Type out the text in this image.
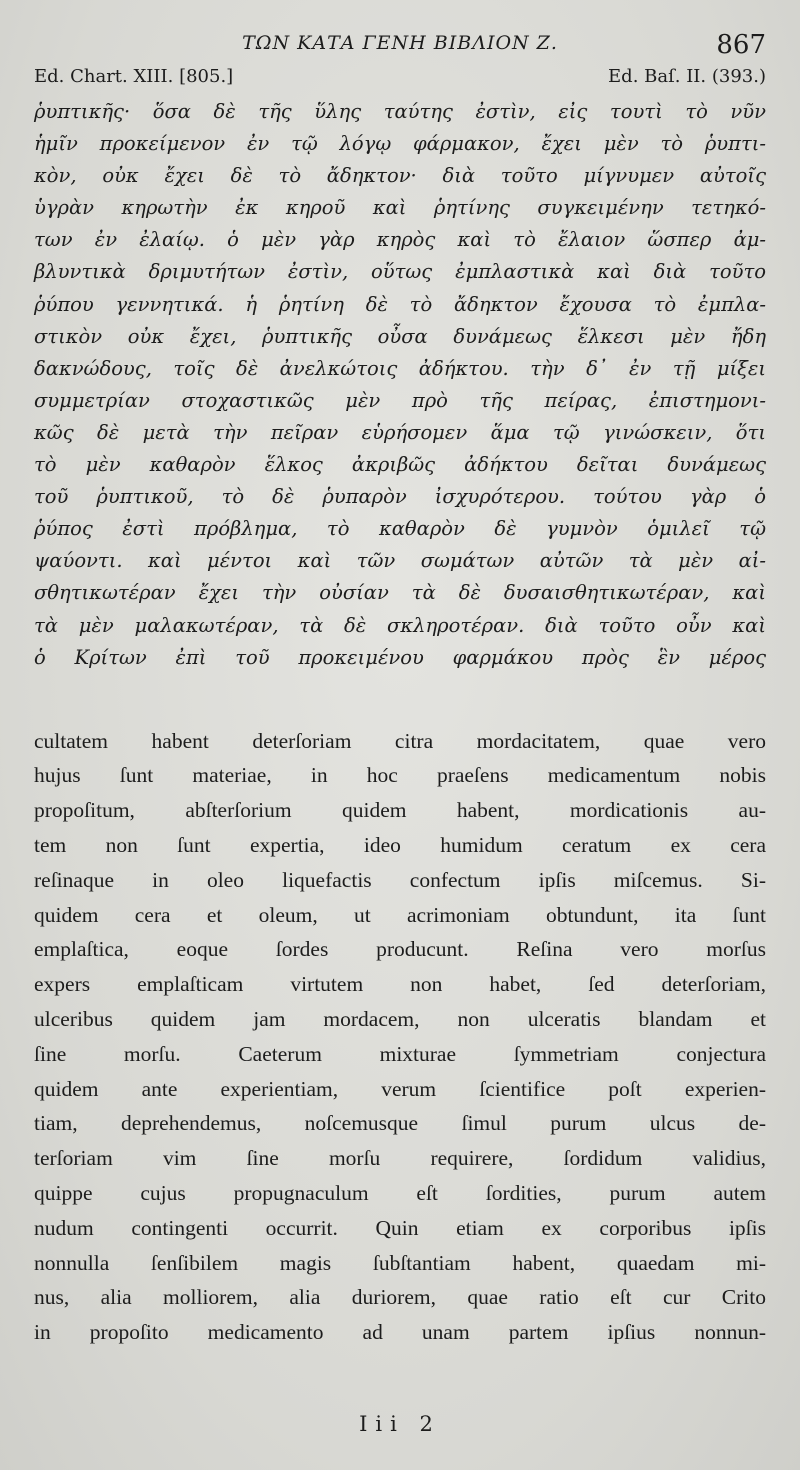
ΤΩΝ ΚΑΤΑ ΓΕΝΗ ΒΙΒΛΙΟΝ Ζ.	867
Ed. Chart. XIII. [805.]	Ed. Baſ. II. (393.)
ῥυπτικῆς· ὅσα δὲ τῆς ὕλης ταύτης ἐστὶν, εἰς τουτὶ τὸ νῦν
ἡμῖν προκείμενον ἐν τῷ λόγῳ φάρμακον, ἔχει μὲν τὸ ῥυπτι-
κὸν, οὐκ ἔχει δὲ τὸ ἄδηκτον· διὰ τοῦτο μίγνυμεν αὐτοῖς
ὑγρὰν κηρωτὴν ἐκ κηροῦ καὶ ῥητίνης συγκειμένην τετηκό-
των ἐν ἐλαίῳ. ὁ μὲν γὰρ κηρὸς καὶ τὸ ἔλαιον ὥσπερ ἀμ-
βλυντικὰ δριμυτήτων ἐστὶν, οὕτως ἐμπλαστικὰ καὶ διὰ τοῦτο
ῥύπου γεννητικά. ἡ ῥητίνη δὲ τὸ ἄδηκτον ἔχουσα τὸ ἐμπλα-
στικὸν οὐκ ἔχει, ῥυπτικῆς οὖσα δυνάμεως ἕλκεσι μὲν ἤδη
δακνώδους, τοῖς δὲ ἀνελκώτοις ἀδήκτου. τὴν δ᾽ ἐν τῇ μίξει
συμμετρίαν στοχαστικῶς μὲν πρὸ τῆς πείρας, ἐπιστημονι-
κῶς δὲ μετὰ τὴν πεῖραν εὑρήσομεν ἅμα τῷ γινώσκειν, ὅτι
τὸ μὲν καθαρὸν ἕλκος ἀκριβῶς ἀδήκτου δεῖται δυνάμεως
τοῦ ῥυπτικοῦ, τὸ δὲ ῥυπαρὸν ἰσχυρότερου. τούτου γὰρ ὁ
ῥύπος ἐστὶ πρόβλημα, τὸ καθαρὸν δὲ γυμνὸν ὁμιλεῖ τῷ
ψαύοντι. καὶ μέντοι καὶ τῶν σωμάτων αὐτῶν τὰ μὲν αἰ-
σθητικωτέραν ἔχει τὴν οὐσίαν τὰ δὲ δυσαισθητικωτέραν, καὶ
τὰ μὲν μαλακωτέραν, τὰ δὲ σκληροτέραν. διὰ τοῦτο οὖν καὶ
ὁ Κρίτων ἐπὶ τοῦ προκειμένου φαρμάκου πρὸς ἓν μέρος
cultatem habent deterſoriam citra mordacitatem, quae vero
hujus ſunt materiae, in hoc praeſens medicamentum nobis
propoſitum, abſterſorium quidem habent, mordicationis au-
tem non ſunt expertia, ideo humidum ceratum ex cera
reſinaque in oleo liquefactis confectum ipſis miſcemus. Si-
quidem cera et oleum, ut acrimoniam obtundunt, ita ſunt
emplaſtica, eoque ſordes producunt. Reſina vero morſus
expers emplaſticam virtutem non habet, ſed deterſoriam,
ulceribus quidem jam mordacem, non ulceratis blandam et
ſine morſu. Caeterum mixturae ſymmetriam conjectura
quidem ante experientiam, verum ſcientifice poſt experien-
tiam, deprehendemus, noſcemusque ſimul purum ulcus de-
terſoriam vim ſine morſu requirere, ſordidum validius,
quippe cujus propugnaculum eſt ſordities, purum autem
nudum contingenti occurrit. Quin etiam ex corporibus ipſis
nonnulla ſenſibilem magis ſubſtantiam habent, quaedam mi-
nus, alia molliorem, alia duriorem, quae ratio eſt cur Crito
in propoſito medicamento ad unam partem ipſius nonnun-
Iii 2
